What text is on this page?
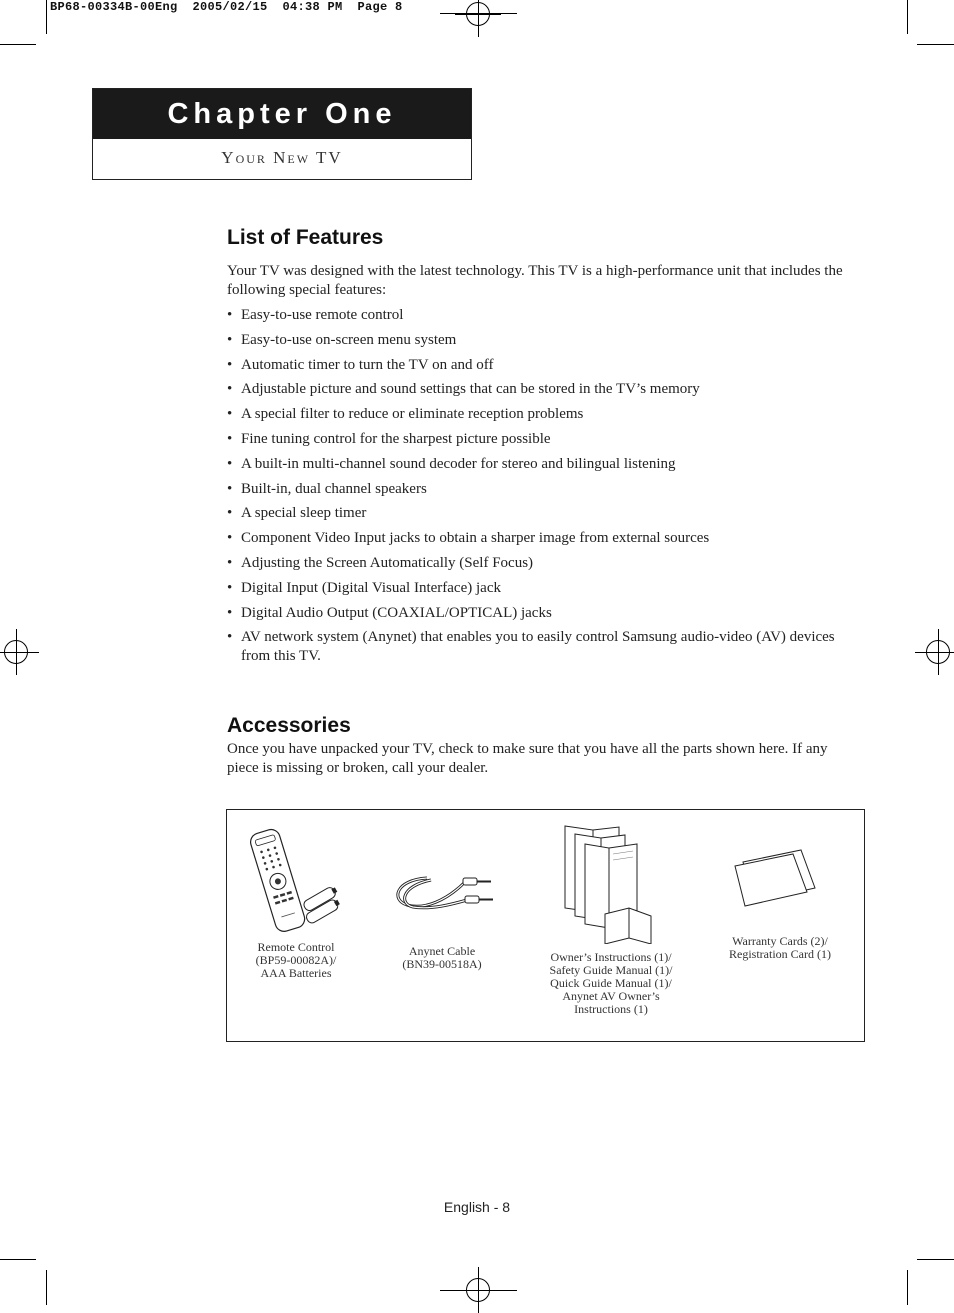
BP68-00334B-00Eng  2005/02/15  04:38 PM  Page 8
Chapter One
Your New TV
List of Features

Your TV was designed with the latest technology. This TV is a high-performance unit that includes the following special features:

• Easy-to-use remote control
• Easy-to-use on-screen menu system
• Automatic timer to turn the TV on and off
• Adjustable picture and sound settings that can be stored in the TV’s memory
• A special filter to reduce or eliminate reception problems
• Fine tuning control for the sharpest picture possible
• A built-in multi-channel sound decoder for stereo and bilingual listening
• Built-in, dual channel speakers
• A special sleep timer
• Component Video Input jacks to obtain a sharper image from external sources
• Adjusting the Screen Automatically (Self Focus)
• Digital Input (Digital Visual Interface) jack
• Digital Audio Output (COAXIAL/OPTICAL) jacks
• AV network system (Anynet) that enables you to easily control Samsung audio-video (AV) devices from this TV.
Accessories

Once you have unpacked your TV, check to make sure that you have all the parts shown here. If any piece is missing or broken, call your dealer.

Remote Control
(BP59-00082A)/
AAA Batteries
Anynet Cable
(BN39-00518A)	Owner’s Instructions (1)/
Safety Guide Manual (1)/
Quick Guide Manual (1)/
Anynet AV Owner’s
Instructions (1)
Warranty Cards (2)/
Registration Card (1)
English - 8
